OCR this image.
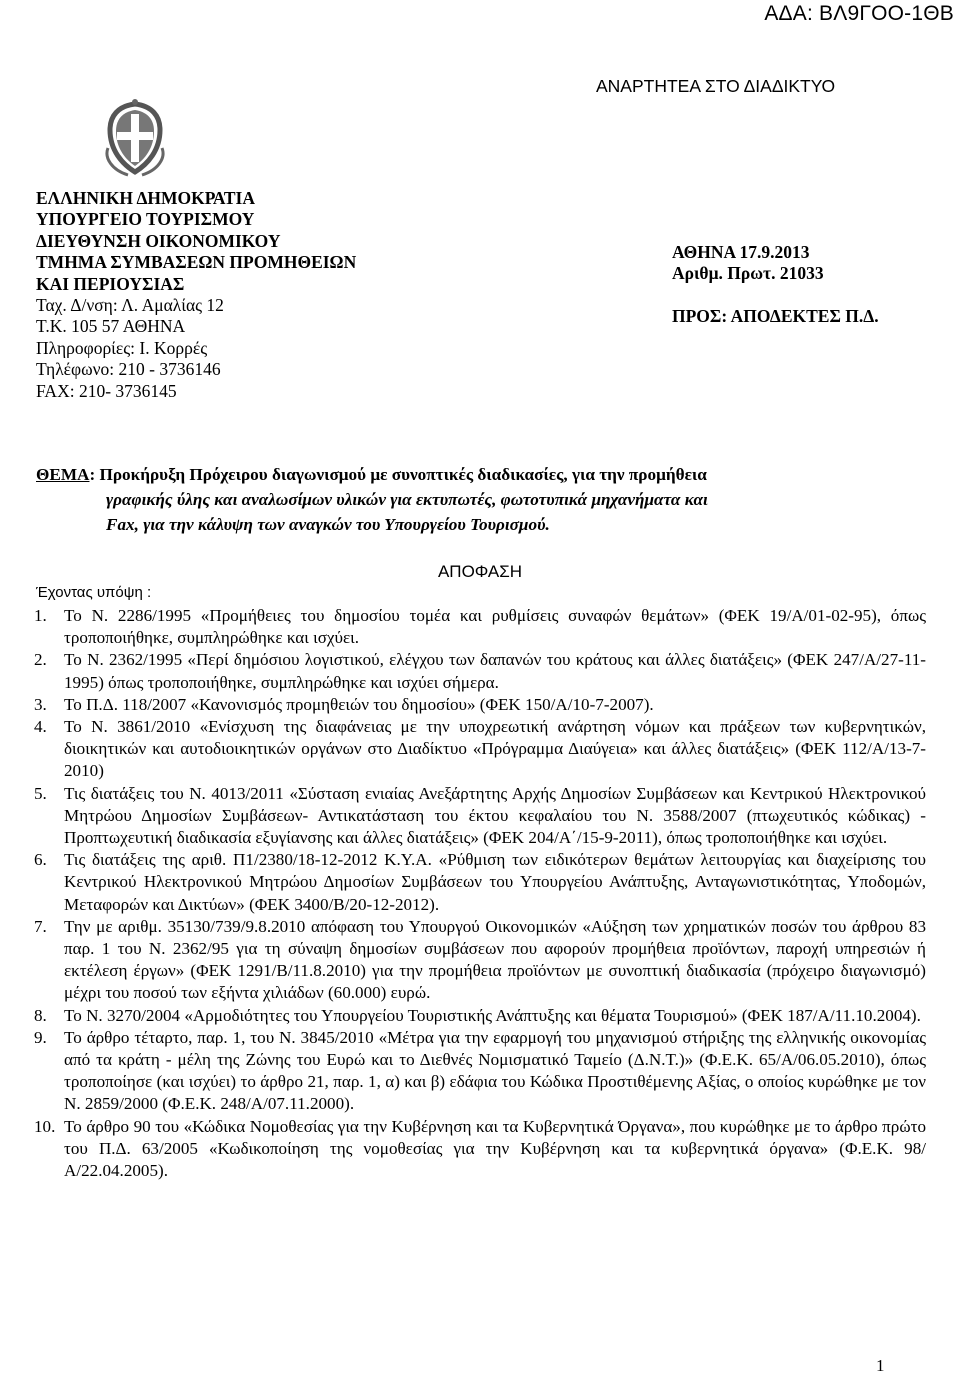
ΑΔΑ: ΒΛ9ΓΟΟ-1ΘΒ
ΑΝΑΡΤΗΤΕΑ ΣΤΟ ΔΙΑΔΙΚΤΥΟ
ΕΛΛΗΝΙΚΗ ΔΗΜΟΚΡΑΤΙΑ
ΥΠΟΥΡΓΕΙΟ ΤΟΥΡΙΣΜΟΥ
ΔΙΕΥΘΥΝΣΗ ΟΙΚΟΝΟΜΙΚΟΥ
ΤΜΗΜΑ ΣΥΜΒΑΣΕΩΝ ΠΡΟΜΗΘΕΙΩΝ
ΚΑΙ ΠΕΡΙΟΥΣΙΑΣ
Ταχ. Δ/νση: Λ. Αμαλίας 12
Τ.Κ. 105 57 ΑΘΗΝΑ
Πληροφορίες: Ι. Κορρές
Τηλέφωνο: 210 - 3736146
FAX: 210- 3736145
ΑΘΗΝΑ 17.9.2013
Αριθμ. Πρωτ. 21033
ΠΡΟΣ: ΑΠΟΔΕΚΤΕΣ Π.Δ.
ΘΕΜΑ: Προκήρυξη Πρόχειρου διαγωνισμού με συνοπτικές διαδικασίες, για την προμήθεια
γραφικής ύλης και αναλωσίμων υλικών για εκτυπωτές, φωτοτυπικά μηχανήματα και
Fax, για την κάλυψη των αναγκών του Υπουργείου Τουρισμού.
ΑΠΟΦΑΣΗ
Έχοντας υπόψη :
1.	Το Ν. 2286/1995 «Προμήθειες του δημοσίου τομέα και ρυθμίσεις συναφών θεμάτων» (ΦΕΚ 19/Α/01-02-95), όπως τροποποιήθηκε, συμπληρώθηκε και ισχύει.
2.	Το Ν. 2362/1995 «Περί δημόσιου λογιστικού, ελέγχου των δαπανών του κράτους και άλλες διατάξεις» (ΦΕΚ 247/Α/27-11-1995) όπως τροποποιήθηκε, συμπληρώθηκε και ισχύει σήμερα.
3.	Το Π.Δ. 118/2007 «Κανονισμός προμηθειών του δημοσίου» (ΦΕΚ 150/Α/10-7-2007).
4.	Το Ν. 3861/2010 «Ενίσχυση της διαφάνειας με την υποχρεωτική ανάρτηση νόμων και πράξεων των κυβερνητικών, διοικητικών και αυτοδιοικητικών οργάνων στο Διαδίκτυο «Πρόγραμμα Διαύγεια» και άλλες διατάξεις» (ΦΕΚ 112/Α/13-7-2010)
5.	Τις διατάξεις του Ν. 4013/2011 «Σύσταση ενιαίας Ανεξάρτητης Αρχής Δημοσίων Συμβάσεων και Κεντρικού Ηλεκτρονικού Μητρώου Δημοσίων Συμβάσεων- Αντικατάσταση του έκτου κεφαλαίου του Ν. 3588/2007 (πτωχευτικός κώδικας) - Προπτωχευτική διαδικασία εξυγίανσης και άλλες διατάξεις» (ΦΕΚ 204/Α΄/15-9-2011), όπως τροποποιήθηκε και ισχύει.
6.	Τις διατάξεις της αριθ. Π1/2380/18-12-2012 Κ.Υ.Α. «Ρύθμιση των ειδικότερων θεμάτων λειτουργίας και διαχείρισης του Κεντρικού Ηλεκτρονικού Μητρώου Δημοσίων Συμβάσεων του Υπουργείου Ανάπτυξης, Ανταγωνιστικότητας, Υποδομών, Μεταφορών και Δικτύων» (ΦΕΚ 3400/Β/20-12-2012).
7.	Την με αριθμ. 35130/739/9.8.2010 απόφαση του Υπουργού Οικονομικών «Αύξηση των χρηματικών ποσών του άρθρου 83 παρ. 1 του Ν. 2362/95 για τη σύναψη δημοσίων συμβάσεων που αφορούν προμήθεια προϊόντων, παροχή υπηρεσιών ή εκτέλεση έργων» (ΦΕΚ 1291/Β/11.8.2010) για την προμήθεια προϊόντων με συνοπτική διαδικασία (πρόχειρο διαγωνισμό) μέχρι του ποσού των εξήντα χιλιάδων (60.000) ευρώ.
8.	Το Ν. 3270/2004 «Αρμοδιότητες του Υπουργείου Τουριστικής Ανάπτυξης και θέματα Τουρισμού» (ΦΕΚ 187/Α/11.10.2004).
9.	Το άρθρο τέταρτο, παρ. 1, του Ν. 3845/2010 «Μέτρα για την εφαρμογή του μηχανισμού στήριξης της ελληνικής οικονομίας από τα κράτη - μέλη της Ζώνης του Ευρώ και το Διεθνές Νομισματικό Ταμείο (Δ.Ν.Τ.)» (Φ.Ε.Κ. 65/Α/06.05.2010), όπως τροποποίησε (και ισχύει) το άρθρο 21, παρ. 1, α) και β) εδάφια του Κώδικα Προστιθέμενης Αξίας, ο οποίος κυρώθηκε με τον Ν. 2859/2000 (Φ.Ε.Κ. 248/Α/07.11.2000).
10. Το άρθρο 90 του «Κώδικα Νομοθεσίας για την Κυβέρνηση και τα Κυβερνητικά Όργανα», που κυρώθηκε με το άρθρο πρώτο του Π.Δ. 63/2005 «Κωδικοποίηση της νομοθεσίας για την Κυβέρνηση και τα κυβερνητικά όργανα» (Φ.Ε.Κ. 98/Α/22.04.2005).
1
